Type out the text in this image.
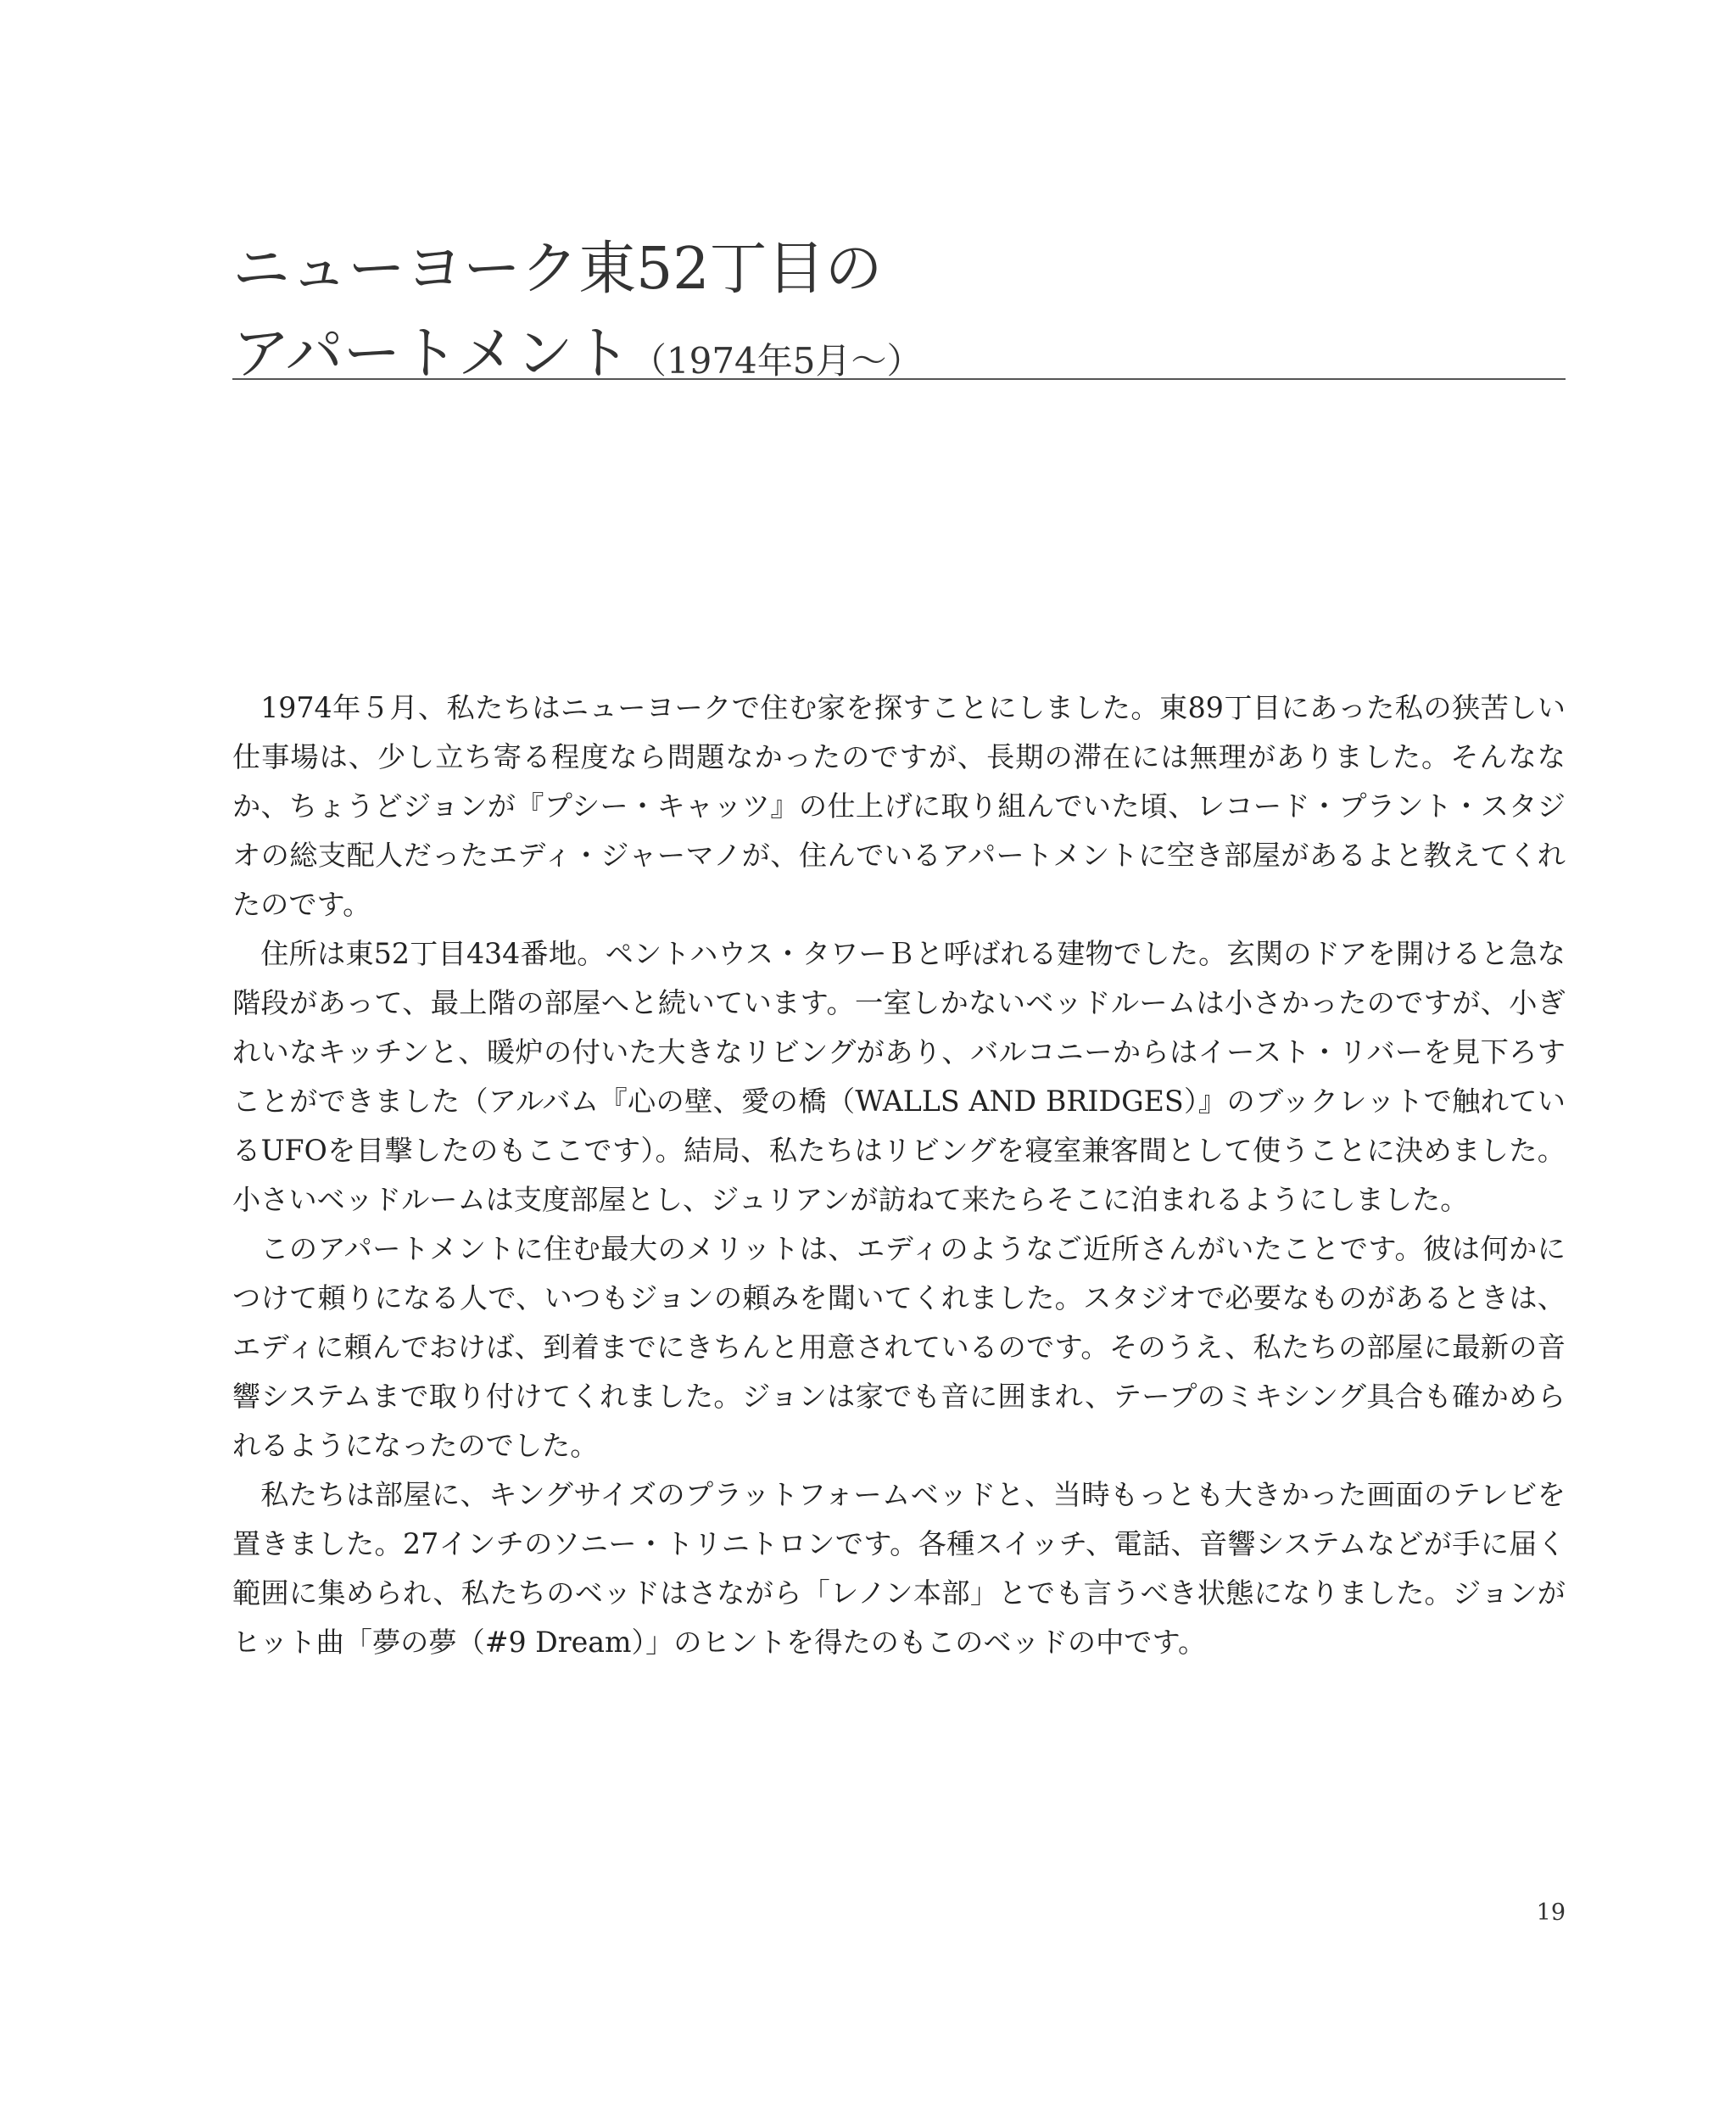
ニューヨーク東52丁目の
アパートメント（1974年5月〜）

1974年５月、私たちはニューヨークで住む家を探すことにしました。東89丁目にあった私の狭苦しい仕事場は、少し立ち寄る程度なら問題なかったのですが、長期の滞在には無理がありました。そんななか、ちょうどジョンが『プシー・キャッツ』の仕上げに取り組んでいた頃、レコード・プラント・スタジオの総支配人だったエディ・ジャーマノが、住んでいるアパートメントに空き部屋があるよと教えてくれたのです。

住所は東52丁目434番地。ペントハウス・タワーＢと呼ばれる建物でした。玄関のドアを開けると急な階段があって、最上階の部屋へと続いています。一室しかないベッドルームは小さかったのですが、小ぎれいなキッチンと、暖炉の付いた大きなリビングがあり、バルコニーからはイースト・リバーを見下ろすことができました（アルバム『心の壁、愛の橋（WALLS AND BRIDGES）』のブックレットで触れているUFOを目撃したのもここです）。結局、私たちはリビングを寝室兼客間として使うことに決めました。小さいベッドルームは支度部屋とし、ジュリアンが訪ねて来たらそこに泊まれるようにしました。

このアパートメントに住む最大のメリットは、エディのようなご近所さんがいたことです。彼は何かにつけて頼りになる人で、いつもジョンの頼みを聞いてくれました。スタジオで必要なものがあるときは、エディに頼んでおけば、到着までにきちんと用意されているのです。そのうえ、私たちの部屋に最新の音響システムまで取り付けてくれました。ジョンは家でも音に囲まれ、テープのミキシング具合も確かめられるようになったのでした。

私たちは部屋に、キングサイズのプラットフォームベッドと、当時もっとも大きかった画面のテレビを置きました。27インチのソニー・トリニトロンです。各種スイッチ、電話、音響システムなどが手に届く範囲に集められ、私たちのベッドはさながら「レノン本部」とでも言うべき状態になりました。ジョンがヒット曲「夢の夢（#9 Dream）」のヒントを得たのもこのベッドの中です。

19
